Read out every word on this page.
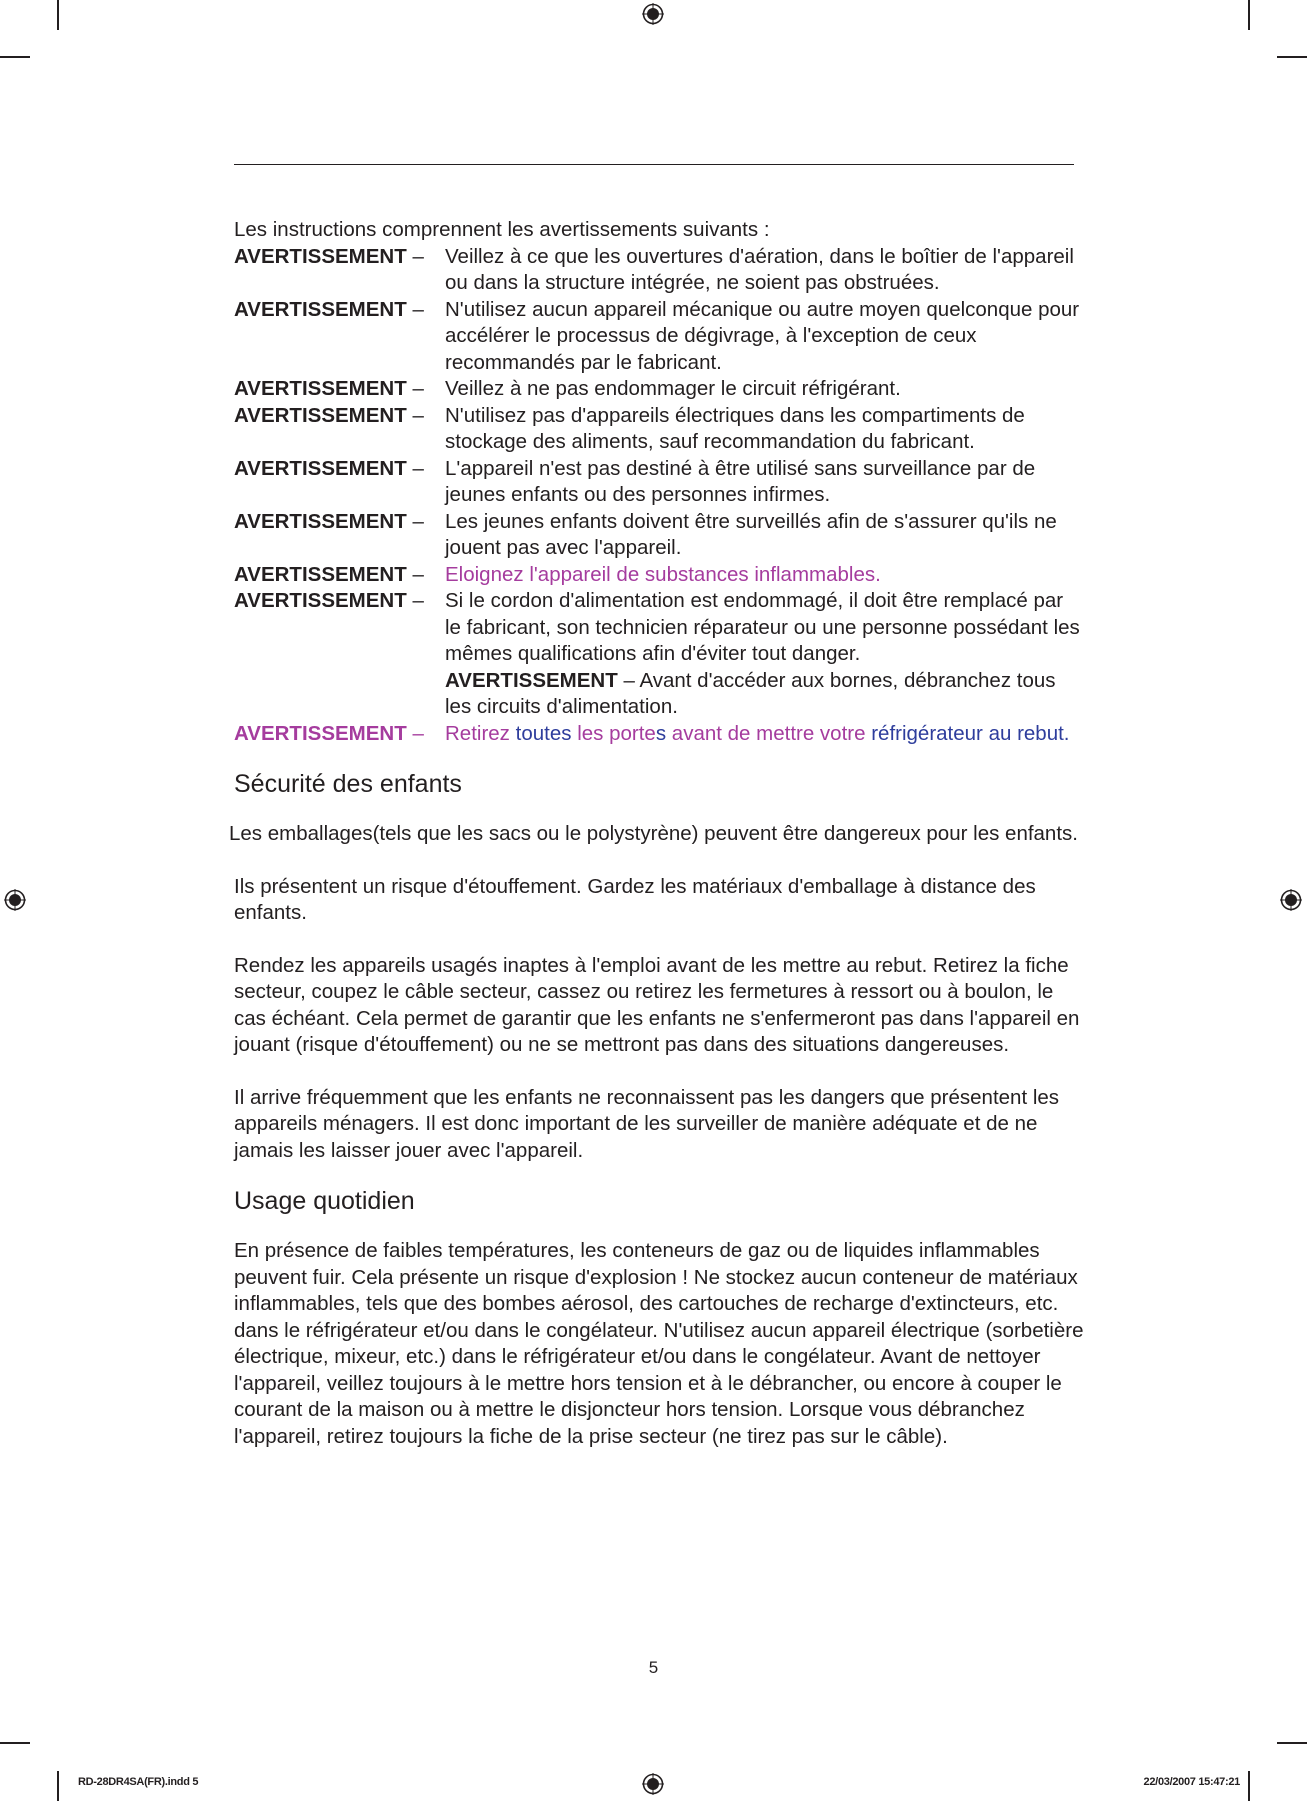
Les instructions comprennent les avertissements suivants :

AVERTISSEMENT –	Veillez à ce que les ouvertures d'aération, dans le boîtier de l'appareil ou dans la structure intégrée, ne soient pas obstruées.
AVERTISSEMENT –	N'utilisez aucun appareil mécanique ou autre moyen quelconque pour accélérer le processus de dégivrage, à l'exception de ceux recommandés par le fabricant.
AVERTISSEMENT –	Veillez à ne pas endommager le circuit réfrigérant.
AVERTISSEMENT –	N'utilisez pas d'appareils électriques dans les compartiments de stockage des aliments, sauf recommandation du fabricant.
AVERTISSEMENT –	L'appareil n'est pas destiné à être utilisé sans surveillance par de jeunes enfants ou des personnes infirmes.
AVERTISSEMENT –	Les jeunes enfants doivent être surveillés afin de s'assurer qu'ils ne jouent pas avec l'appareil.
AVERTISSEMENT –	Eloignez l'appareil de substances inflammables.
AVERTISSEMENT –	Si le cordon d'alimentation est endommagé, il doit être remplacé par le fabricant, son technicien réparateur ou une personne possédant les mêmes qualifications afin d'éviter tout danger.
AVERTISSEMENT – Avant d'accéder aux bornes, débranchez tous les circuits d'alimentation.
AVERTISSEMENT –	Retirez toutes les portes avant de mettre votre réfrigérateur au rebut.
Sécurité des enfants

Les emballages(tels que les sacs ou le polystyrène) peuvent être dangereux pour les enfants.

Ils présentent un risque d'étouffement. Gardez les matériaux d'emballage à distance des enfants.

Rendez les appareils usagés inaptes à l'emploi avant de les mettre au rebut. Retirez la fiche secteur, coupez le câble secteur, cassez ou retirez les fermetures à ressort ou à boulon, le cas échéant. Cela permet de garantir que les enfants ne s'enfermeront pas dans l'appareil en jouant (risque d'étouffement) ou ne se mettront pas dans des situations dangereuses.

Il arrive fréquemment que les enfants ne reconnaissent pas les dangers que présentent les appareils ménagers. Il est donc important de les surveiller de manière adéquate et de ne jamais les laisser jouer avec l'appareil.

Usage quotidien

En présence de faibles températures, les conteneurs de gaz ou de liquides inflammables peuvent fuir. Cela présente un risque d'explosion ! Ne stockez aucun conteneur de matériaux inflammables, tels que des bombes aérosol, des cartouches de recharge d'extincteurs, etc. dans le réfrigérateur et/ou dans le congélateur. N'utilisez aucun appareil électrique (sorbetière électrique, mixeur, etc.) dans le réfrigérateur et/ou dans le congélateur. Avant de nettoyer l'appareil, veillez toujours à le mettre hors tension et à le débrancher, ou encore à couper le courant de la maison ou à mettre le disjoncteur hors tension. Lorsque vous débranchez l'appareil, retirez toujours la fiche de la prise secteur (ne tirez pas sur le câble).

5
RD-28DR4SA(FR).indd 5	22/03/2007 15:47:21
